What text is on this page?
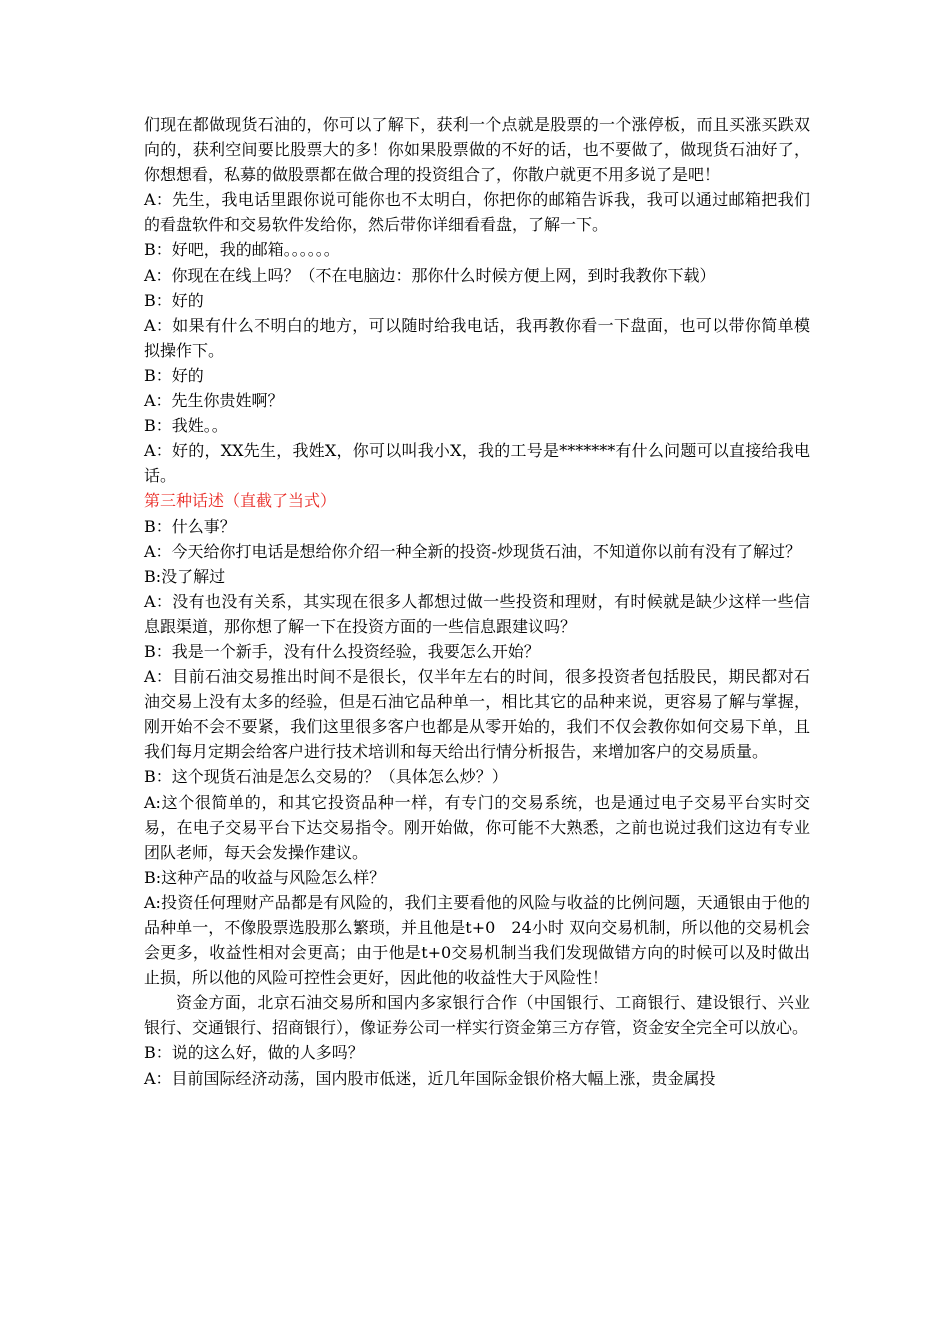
们现在都做现货石油的，你可以了解下，获利一个点就是股票的一个涨停板，而且买涨买跌双向的，获利空间要比股票大的多！你如果股票做的不好的话，也不要做了，做现货石油好了，你想想看，私募的做股票都在做合理的投资组合了，你散户就更不用多说了是吧！

A：先生，我电话里跟你说可能你也不太明白，你把你的邮箱告诉我，我可以通过邮箱把我们的看盘软件和交易软件发给你，然后带你详细看看盘，了解一下。

B：好吧，我的邮箱。。。。。。

A：你现在在线上吗？（不在电脑边：那你什么时候方便上网，到时我教你下载）

B：好的

A：如果有什么不明白的地方，可以随时给我电话，我再教你看一下盘面，也可以带你简单模拟操作下。

B：好的

A：先生你贵姓啊？

B：我姓。。

A：好的，XX先生，我姓X，你可以叫我小X，我的工号是*******有什么问题可以直接给我电话。

第三种话述（直截了当式）

B：什么事？

A：今天给你打电话是想给你介绍一种全新的投资-炒现货石油，不知道你以前有没有了解过？

B:没了解过

A：没有也没有关系，其实现在很多人都想过做一些投资和理财，有时候就是缺少这样一些信息跟渠道，那你想了解一下在投资方面的一些信息跟建议吗？

B：我是一个新手，没有什么投资经验，我要怎么开始？

A：目前石油交易推出时间不是很长，仅半年左右的时间，很多投资者包括股民，期民都对石油交易上没有太多的经验，但是石油它品种单一，相比其它的品种来说，更容易了解与掌握，刚开始不会不要紧，我们这里很多客户也都是从零开始的，我们不仅会教你如何交易下单，且我们每月定期会给客户进行技术培训和每天给出行情分析报告，来增加客户的交易质量。

B：这个现货石油是怎么交易的？（具体怎么炒？）

A:这个很简单的，和其它投资品种一样，有专门的交易系统，也是通过电子交易平台实时交易，在电子交易平台下达交易指令。刚开始做，你可能不大熟悉，之前也说过我们这边有专业团队老师，每天会发操作建议。

B:这种产品的收益与风险怎么样？

A:投资任何理财产品都是有风险的，我们主要看他的风险与收益的比例问题，天通银由于他的品种单一，不像股票选股那么繁琐，并且他是t+0　24小时 双向交易机制，所以他的交易机会会更多，收益性相对会更高；由于他是t+0交易机制当我们发现做错方向的时候可以及时做出止损，所以他的风险可控性会更好，因此他的收益性大于风险性！

资金方面，北京石油交易所和国内多家银行合作（中国银行、工商银行、建设银行、兴业银行、交通银行、招商银行），像证券公司一样实行资金第三方存管，资金安全完全可以放心。

B：说的这么好，做的人多吗？

A：目前国际经济动荡，国内股市低迷，近几年国际金银价格大幅上涨，贵金属投
